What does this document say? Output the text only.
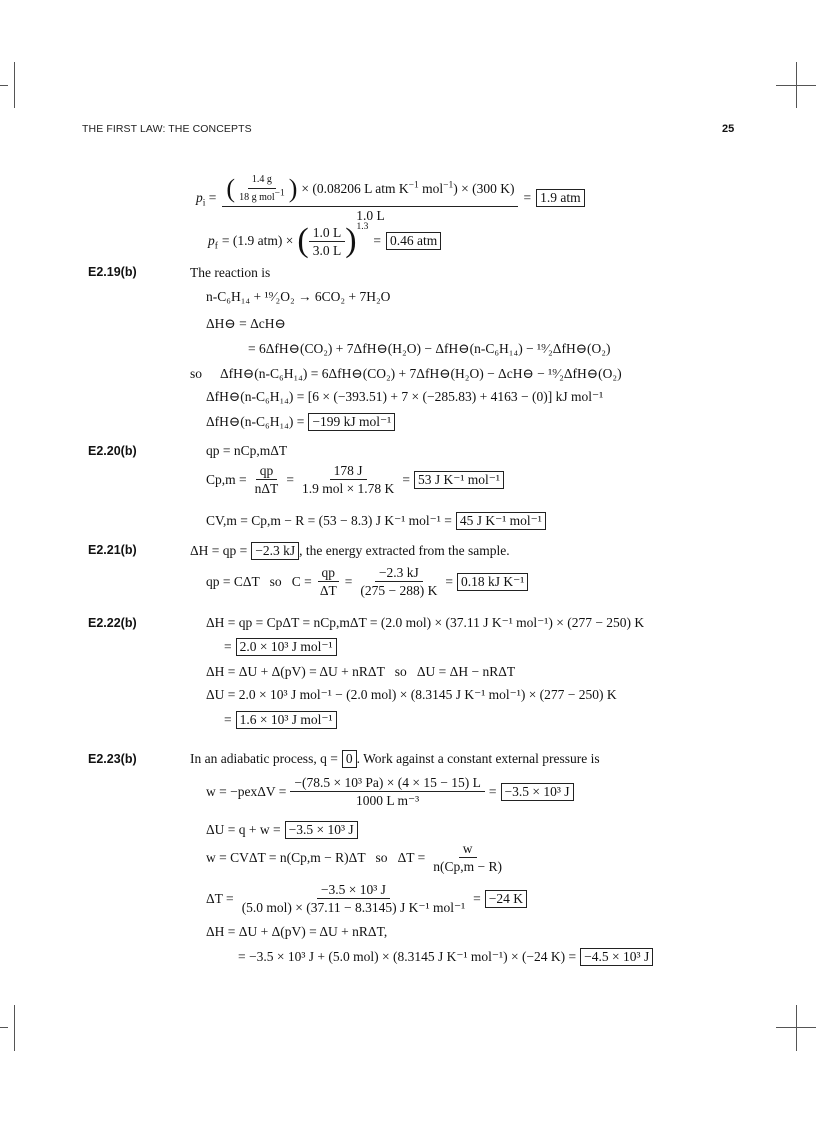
THE FIRST LAW: THE CONCEPTS	25
$p_i$ = ( $\frac{1.4 g}{18 g mol^{-1}}$ ) × (0.08206 L atm $K^{-1}$ mol$^{-1}$) × (300 K)
1.0 L
= 1.9 atm
$p_f = (1.9$ atm) × ( $\frac{1.0 L}{3.0 L} )^{1.3}$
= 0.46 atm
E2.19(b)	The reaction is
n-C₆H₁₄ + ¹⁹⁄₂O₂ → 6CO₂ + 7H₂O
ΔH⊖ = ΔcH⊖
= 6ΔfH⊖(CO₂) + 7ΔfH⊖(H₂O) − ΔfH⊖(n-C₆H₁₄) − ¹⁹⁄₂ΔfH⊖(O₂)
so ΔfH⊖(n-C₆H₁₄) = 6ΔfH⊖(CO₂) + 7ΔfH⊖(H₂O) − ΔcH⊖ − ¹⁹⁄₂ΔfH⊖(O₂)
ΔfH⊖(n-C₆H₁₄) = [6 × (−393.51) + 7 × (−285.83) + 4163 − (0)] kJ mol⁻¹
ΔfH⊖(n-C₆H₁₄) = −199 kJ mol⁻¹
E2.20(b)	qp = nCp,mΔT
$Cp,m = \frac{qp}{\text{nΔT}} = \frac{178 J}{\text{1.9 mol × 1.78 K}} = 53$ J K⁻¹ mol⁻¹
CV,m = Cp,m − R = (53 − 8.3) J K⁻¹ mol⁻¹ = 45 J K⁻¹ mol⁻¹
E2.21(b)	ΔH = qp = −2.3 kJ , the energy extracted from the sample.
qp = CΔT   so   $C = \frac{qp}{\Delta T} = \frac{-2.3 kJ}{(275 - 288) K} = 0.18$ kJ K⁻¹
E2.22(b)	ΔH = qp = CpΔT = nCp,mΔT = (2.0 mol) × (37.11 J K⁻¹ mol⁻¹) × (277 − 250) K
= 2.0 × 10³ J mol⁻¹
ΔH = ΔU + Δ(pV) = ΔU + nRΔT   so   ΔU = ΔH − nRΔT
ΔU = 2.0 × 10³ J mol⁻¹ − (2.0 mol) × (8.3145 J K⁻¹ mol⁻¹) × (277 − 250) K
= 1.6 × 10³ J mol⁻¹
E2.23(b)	In an adiabatic process, q = 0 . Work against a constant external pressure is
$w = -pex\Delta V = \frac{\text{−(78.5 × 10³ Pa) × (4 × 15 − 15) L}}{\text{1000 L m⁻³}} = -3.5 \times 10^3$ J
ΔU = q + w = −3.5 × 10³ J
w = CVΔT = n(Cp,m − R)ΔT   so   $\Delta T = \frac{w}{n(Cp,m - R)}$
$\Delta T = \frac{\text{−3.5 × 10³ J}}{\text{(5.0 mol) × (37.11 − 8.3145) J K⁻¹ mol⁻¹}} = -24$ K
ΔH = ΔU + Δ(pV) = ΔU + nRΔT,
= −3.5 × 10³ J + (5.0 mol) × (8.3145 J K⁻¹ mol⁻¹) × (−24 K) = −4.5 × 10³ J
